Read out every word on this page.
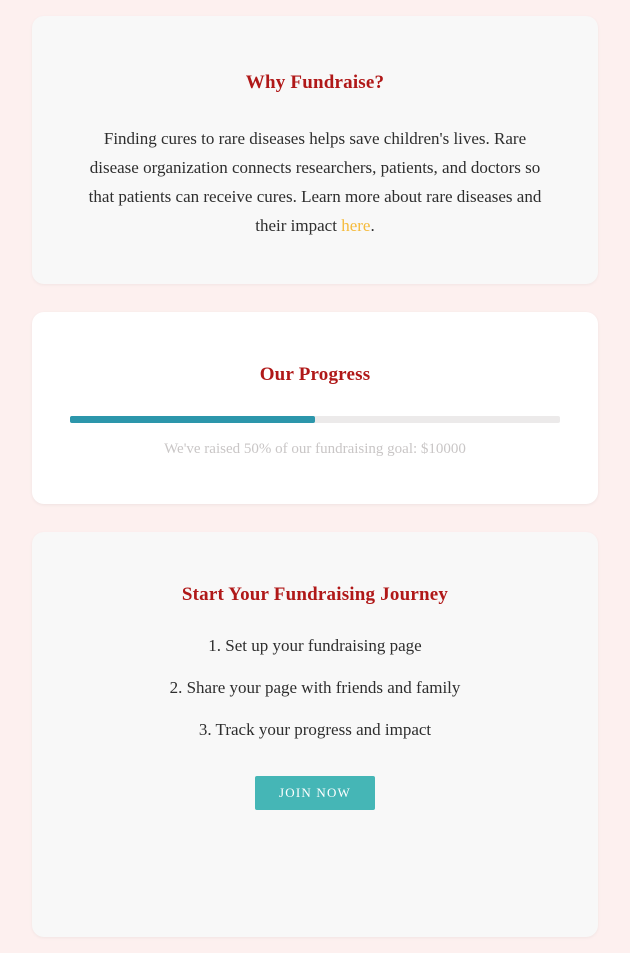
Why Fundraise?

Finding cures to rare diseases helps save children's lives. Rare disease organization connects researchers, patients, and doctors so that patients can receive cures. Learn more about rare diseases and their impact here.

Our Progress

We've raised 50% of our fundraising goal: $10000

Start Your Fundraising Journey
1. Set up your fundraising page
2. Share your page with friends and family
3. Track your progress and impact
JOIN NOW
